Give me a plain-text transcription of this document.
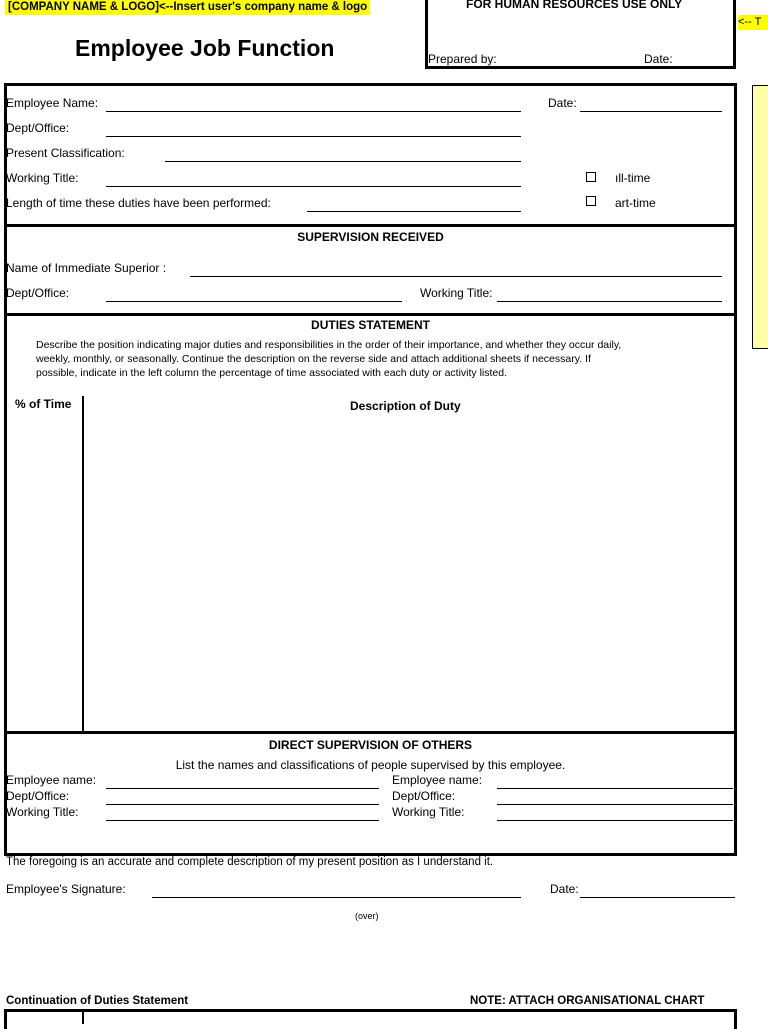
[COMPANY NAME & LOGO]<--Insert user's company name & logo
Employee Job Function
FOR HUMAN RESOURCES USE ONLY
Prepared by:	Date:
<-- T
Employee Name:	Date:
Dept/Office:
Present Classification:
Working Title:	ıll-time
Length of time these duties have been performed:	art-time
SUPERVISION RECEIVED
Name of Immediate Superior :
Dept/Office:	Working Title:
DUTIES STATEMENT
Describe the position indicating major duties and responsibilities in the order of their importance, and whether they occur daily,
weekly, monthly, or seasonally. Continue the description on the reverse side and attach additional sheets if necessary. If
possible, indicate in the left column the percentage of time associated with each duty or activity listed.
% of Time	Description of Duty
DIRECT SUPERVISION OF OTHERS
List the names and classifications of people supervised by this employee.
Employee name:
Dept/Office:
Working Title:
Employee name:
Dept/Office:
Working Title:
The foregoing is an accurate and complete description of my present position as I understand it.
Employee's Signature:	Date:
(over)
Continuation of Duties Statement	NOTE: ATTACH ORGANISATIONAL CHART
